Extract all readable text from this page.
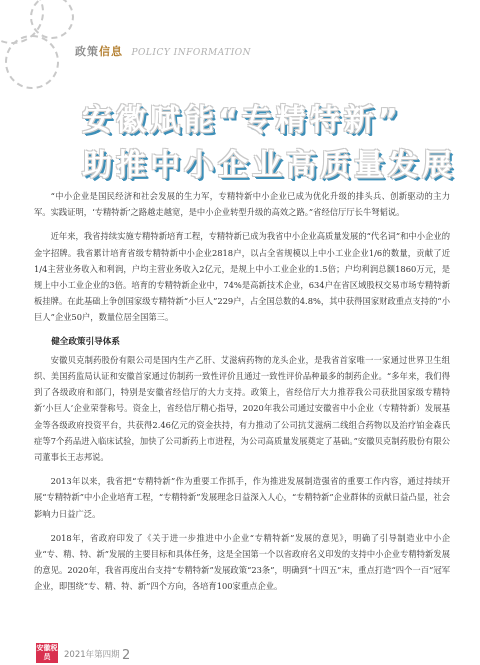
政策信息 POLICY INFORMATION
安徽赋能“专精特新”
助推中小企业高质量发展

“中小企业是国民经济和社会发展的生力军，专精特新中小企业已成为优化升级的排头兵、创新驱动的主力军。实践证明，‘专精特新’之路越走越宽，是中小企业转型升级的高效之路。”省经信厅厅长牛弩韬说。

近年来，我省持续实施专精特新培育工程，专精特新已成为我省中小企业高质量发展的“代名词”和中小企业的金字招牌。我省累计培育省级专精特新中小企业2818户，以占全省规模以上中小工业企业1/6的数量，贡献了近1/4主营业务收入和利润，户均主营业务收入2亿元，是规上中小工业企业的1.5倍；户均利润总额1860万元，是规上中小工业企业的3倍。培育的专精特新企业中，74%是高新技术企业，634户在省区域股权交易市场专精特新板挂牌。在此基础上争创国家级专精特新“小巨人”229户，占全国总数的4.8%，其中获得国家财政重点支持的“小巨人”企业50户，数量位居全国第三。

健全政策引导体系

安徽贝克制药股份有限公司是国内生产乙肝、艾滋病药物的龙头企业，是我省首家唯一一家通过世界卫生组织、美国药监局认证和安徽首家通过仿制药一致性评价且通过一致性评价品种最多的制药企业。“多年来，我们得到了各级政府和部门，特别是安徽省经信厅的大力支持。政策上，省经信厅大力推荐我公司获批国家级专精特新‘小巨人’企业荣誉称号。资金上，省经信厅精心指导，2020年我公司通过安徽省中小企业（专精特新）发展基金等各级政府投资平台，共获得2.46亿元的资金扶持，有力推动了公司抗艾滋病二线组合药物以及治疗铂金森氏症等7个药品进入临床试验，加快了公司新药上市进程，为公司高质量发展奠定了基础。”安徽贝克制药股份有限公司董事长王志邦说。

2013年以来，我省把“专精特新”作为重要工作抓手，作为推进发展制造强省的重要工作内容，通过持续开展“专精特新”中小企业培育工程，“专精特新”发展理念日益深入人心，“专精特新”企业群体的贡献日益凸显，社会影响力日益广泛。

2018年，省政府印发了《关于进一步推进中小企业“专精特新”发展的意见》，明确了引导制造业中小企业“专、精、特、新”发展的主要目标和具体任务，这是全国第一个以省政府名义印发的支持中小企业专精特新发展的意见。2020年，我省再度出台支持“专精特新”发展政策“23条”，明确到“十四五”末，重点打造“四个一百”冠军企业，即围绕“专、精、特、新”四个方向，各培育100家重点企业。

安徽税员	2021年第四期 2
